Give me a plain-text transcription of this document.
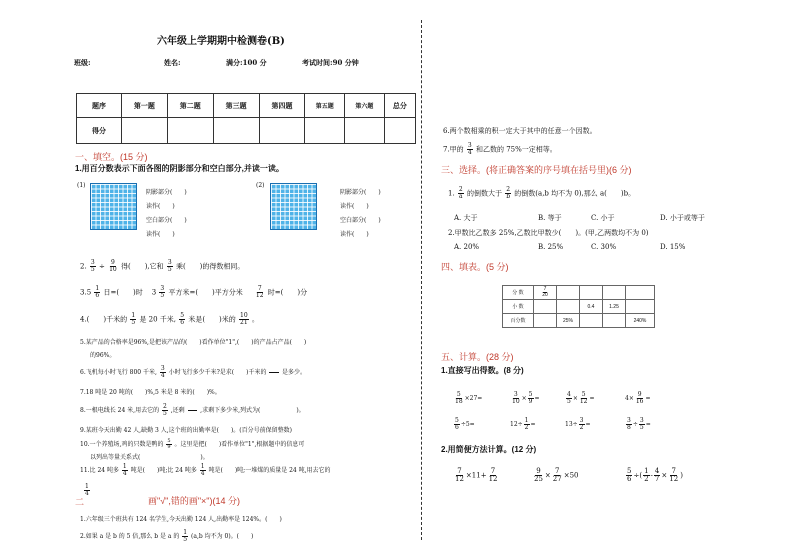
六年级上学期期中检测卷(B)
班级:	姓名:	满分:100 分	考试时间:90 分钟
题序	第一题	第二题	第三题	第四题	第五题	第六题	总分
得分							
一、填空。(15 分)
1.用百分数表示下面各图的阴影部分和空白部分,并读一读。
(1)
阴影部分(　　)
读作(　　)
空白部分(　　)
读作(　　)
(2)
阴影部分(　　)
读作(　　)
空白部分(　　)
读作(　　)
2. $\frac{3}{5} \div \frac{9}{10}$ 得(　　),它和 $\frac{3}{5}$ 乘(　　)的得数相同。
$3.5 \frac{1}{6}$ 日=(　　)时 $3 \frac{3}{5}$ 平方米=(　　)平方分米 $\frac{7}{12}$ 时=(　　)分
4.(　　)千米的 $\frac{1}{5}$ 是 20 千米, $\frac{5}{6}$ 米是(　　)米的 $\frac{10}{21}$ 。
5.某产品的合格率是96%,是把该产品的(　　)看作单位"1",(　　)的产品占产品(　　)
的96%。
6.飞机每小时飞行 800 千米, $\frac{3}{4}$ 小时飞行多少千米?是求(　　)千米的

	是多少。
7.18 吨是 20 吨的(　　)%,5 米是 8 米的(　　)%。
8.一根电线长 24 米,用去它的 $\frac{2}{5}$ ,还剩

	,求剩下多少米,列式为(　　　　　　)。
9.某班今天出勤 42 人,缺勤 3 人,这个班的出勤率是(　　)。(百分号前保留整数)
10.一个养殖场,鸡的只数是鸭的 $\frac{5}{9}$ 。这里是把(　　)看作单位"1",根据题中的信息可
以列出等量关系式(　　　　　　　　　　)。
11.比 24 吨多 $\frac{1}{4}$ 吨是(　　)吨;比 24 吨多 $\frac{1}{4}$ 吨是(　　)吨;一堆煤的质量是 24 吨,用去它的
二
$\frac{1}{4}$
画"√",错的画"×")(14 分)
1.六年级三个班共有 124 名学生,今天出勤 124 人,出勤率是 124%。(　　)
2.如果 a 是 b 的 5 倍,那么 b 是 a 的 $\frac{1}{5} (a,b$ 均不为 0)。(　　)
6.两个数相乘的积一定大于其中的任意一个因数。
7.甲的 $\frac{3}{4}$ 和乙数的 75%一定相等。
三、选择。(将正确答案的序号填在括号里)(6 分)
1. $\frac{2}{a}$ 的倒数大于 $\frac{2}{b}$ 的倒数(a,b 均不为 0),那么 a(　　)b。
A. 大于	B. 等于	C. 小于	D. 小于或等于
2.甲数比乙数多 25%,乙数比甲数少(　　)。(甲,乙两数均不为 0)
A. 20%	B. 25%	C. 30%	D. 15%
四、填表。(5 分)
分 数	$\frac{7}{20}$

小 数			0.4	1.25	
百分数		25%			240%
五、计算。(28 分)
1.直接写出得数。(8 分)
$\frac{5}{18} \times 27=$	$\frac{3}{10} \times \frac{5}{9}$ =	$\frac{4}{5} \times \frac{5}{12}$ =	$4\times \frac{9}{16}$ =
$\frac{5}{6} \div 5=$	$12\div \frac{1}{2}$ =	$13\div \frac{3}{2}$ =	$\frac{3}{8} \div \frac{3}{5}$ =
2.用简便方法计算。(12 分)
$\frac{7}{12} \times 11+ \frac{7}{12}$	$\frac{9}{25} \times \frac{7}{27} \times 50$	$\frac{5}{6}$ ÷( $\frac{1}{2} - \frac{4}{7} \times \frac{7}{12}$ )
